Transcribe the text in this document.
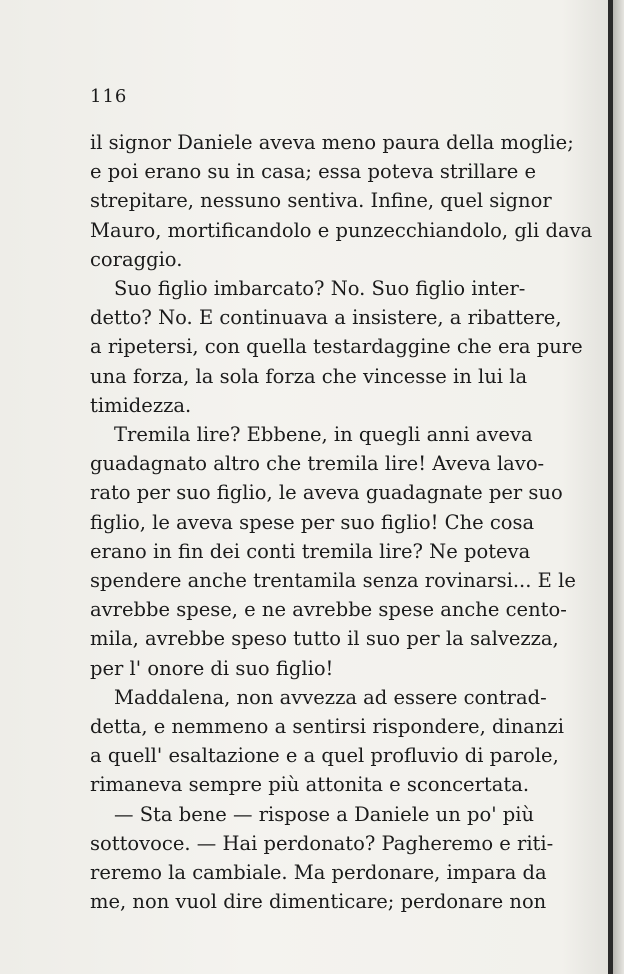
116
il signor Daniele aveva meno paura della moglie;
e poi erano su in casa; essa poteva strillare e
strepitare, nessuno sentiva. Infine, quel signor
Mauro, mortificandolo e punzecchiandolo, gli dava
coraggio.
Suo figlio imbarcato? No. Suo figlio inter-
detto? No. E continuava a insistere, a ribattere,
a ripetersi, con quella testardaggine che era pure
una forza, la sola forza che vincesse in lui la
timidezza.
Tremila lire? Ebbene, in quegli anni aveva
guadagnato altro che tremila lire! Aveva lavo-
rato per suo figlio, le aveva guadagnate per suo
figlio, le aveva spese per suo figlio! Che cosa
erano in fin dei conti tremila lire? Ne poteva
spendere anche trentamila senza rovinarsi... E le
avrebbe spese, e ne avrebbe spese anche cento-
mila, avrebbe speso tutto il suo per la salvezza,
per l' onore di suo figlio!
Maddalena, non avvezza ad essere contrad-
detta, e nemmeno a sentirsi rispondere, dinanzi
a quell' esaltazione e a quel profluvio di parole,
rimaneva sempre più attonita e sconcertata.
— Sta bene — rispose a Daniele un po' più
sottovoce. — Hai perdonato? Pagheremo e riti-
reremo la cambiale. Ma perdonare, impara da
me, non vuol dire dimenticare; perdonare non
